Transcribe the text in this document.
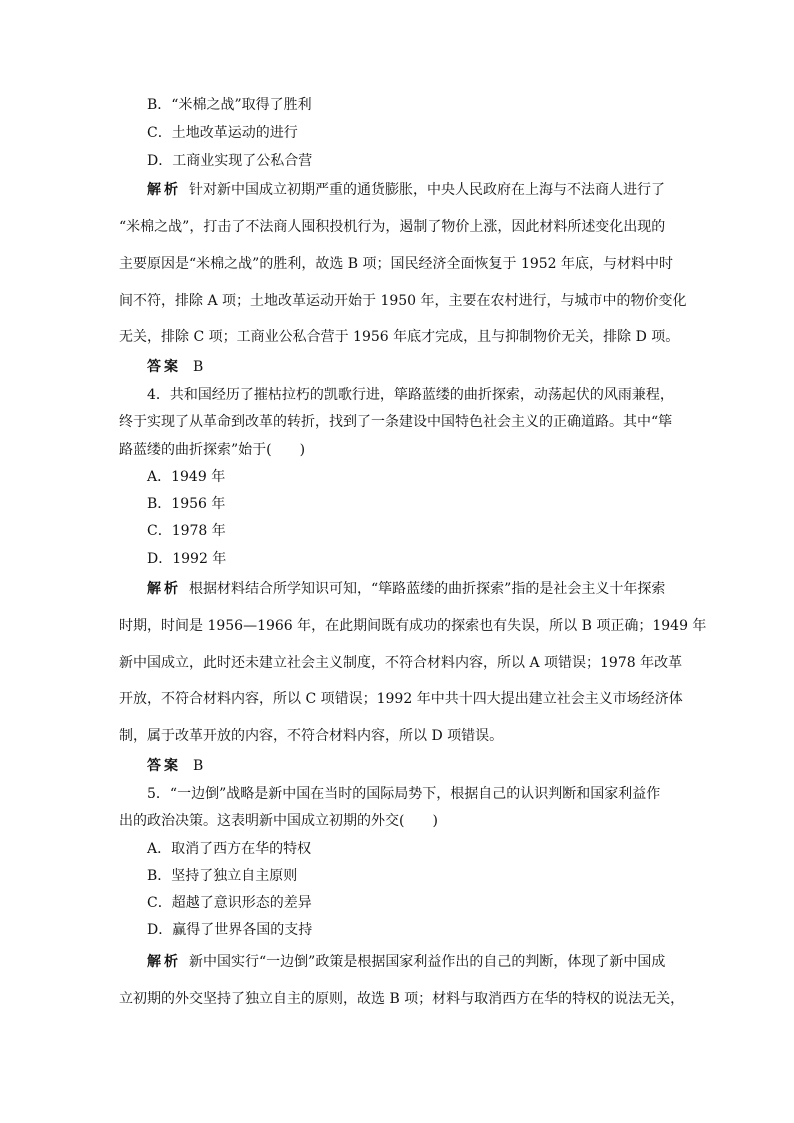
B．“米棉之战”取得了胜利
C．土地改革运动的进行
D．工商业实现了公私合营
解析 针对新中国成立初期严重的通货膨胀，中央人民政府在上海与不法商人进行了
“米棉之战”，打击了不法商人囤积投机行为，遏制了物价上涨，因此材料所述变化出现的
主要原因是“米棉之战”的胜利，故选 B 项；国民经济全面恢复于 1952 年底，与材料中时
间不符，排除 A 项；土地改革运动开始于 1950 年，主要在农村进行，与城市中的物价变化
无关，排除 C 项；工商业公私合营于 1956 年底才完成，且与抑制物价无关，排除 D 项。
答案 B
4．共和国经历了摧枯拉朽的凯歌行进，筚路蓝缕的曲折探索，动荡起伏的风雨兼程，
终于实现了从革命到改革的转折，找到了一条建设中国特色社会主义的正确道路。其中“筚
路蓝缕的曲折探索”始于(　　)
A．1949 年
B．1956 年
C．1978 年
D．1992 年
解析 根据材料结合所学知识可知，“筚路蓝缕的曲折探索”指的是社会主义十年探索
时期，时间是 1956—1966 年，在此期间既有成功的探索也有失误，所以 B 项正确；1949 年
新中国成立，此时还未建立社会主义制度，不符合材料内容，所以 A 项错误；1978 年改革
开放，不符合材料内容，所以 C 项错误；1992 年中共十四大提出建立社会主义市场经济体
制，属于改革开放的内容，不符合材料内容，所以 D 项错误。
答案 B
5．“一边倒”战略是新中国在当时的国际局势下，根据自己的认识判断和国家利益作
出的政治决策。这表明新中国成立初期的外交(　　)
A．取消了西方在华的特权
B．坚持了独立自主原则
C．超越了意识形态的差异
D．赢得了世界各国的支持
解析 新中国实行“一边倒”政策是根据国家利益作出的自己的判断，体现了新中国成
立初期的外交坚持了独立自主的原则，故选 B 项；材料与取消西方在华的特权的说法无关，
